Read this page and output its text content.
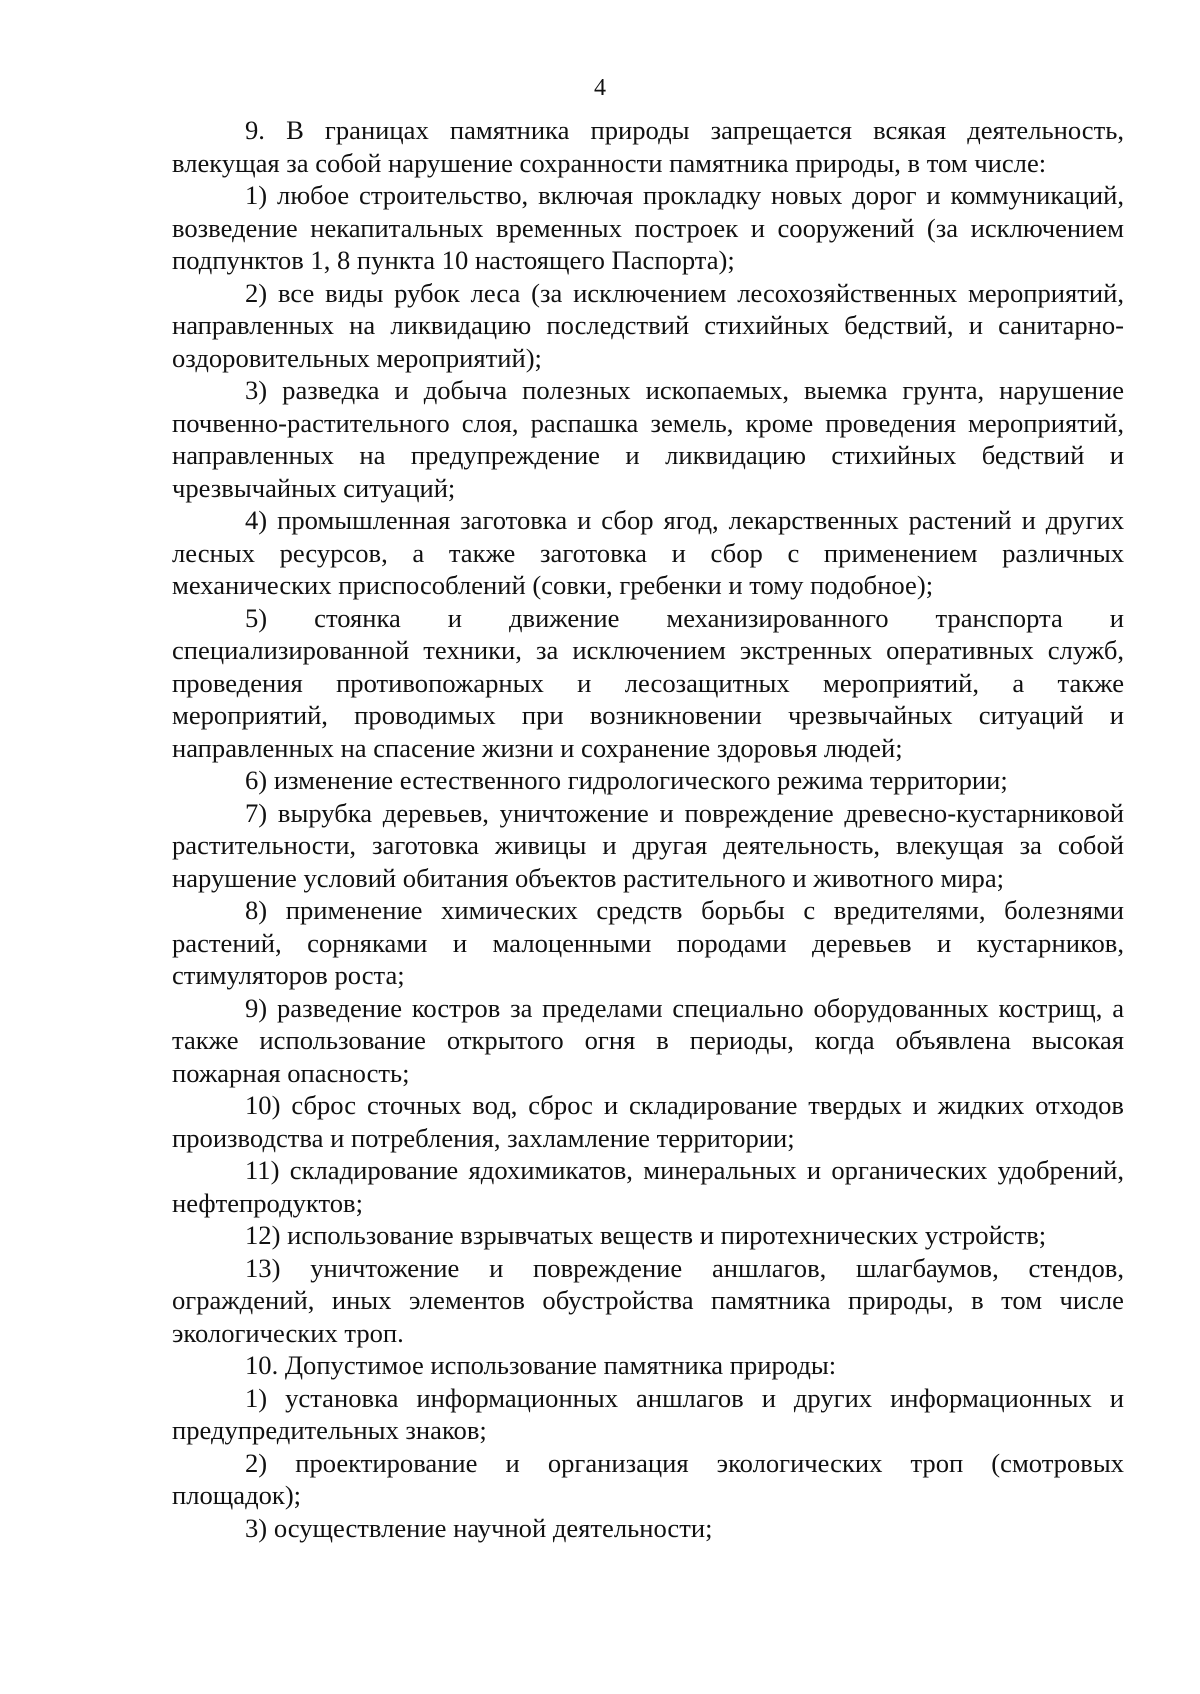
4

9. В границах памятника природы запрещается всякая деятельность, влекущая за собой нарушение сохранности памятника природы, в том числе:

1) любое строительство, включая прокладку новых дорог и коммуникаций, возведение некапитальных временных построек и сооружений (за исключением подпунктов 1, 8 пункта 10 настоящего Паспорта);

2) все виды рубок леса (за исключением лесохозяйственных мероприятий, направленных на ликвидацию последствий стихийных бедствий, и санитарно-оздоровительных мероприятий);

3) разведка и добыча полезных ископаемых, выемка грунта, нарушение почвенно-растительного слоя, распашка земель, кроме проведения мероприятий, направленных на предупреждение и ликвидацию стихийных бедствий и чрезвычайных ситуаций;

4) промышленная заготовка и сбор ягод, лекарственных растений и других лесных ресурсов, а также заготовка и сбор с применением различных механических приспособлений (совки, гребенки и тому подобное);

5) стоянка и движение механизированного транспорта и специализированной техники, за исключением экстренных оперативных служб, проведения противопожарных и лесозащитных мероприятий, а также мероприятий, проводимых при возникновении чрезвычайных ситуаций и направленных на спасение жизни и сохранение здоровья людей;

6) изменение естественного гидрологического режима территории;

7) вырубка деревьев, уничтожение и повреждение древесно-кустарниковой растительности, заготовка живицы и другая деятельность, влекущая за собой нарушение условий обитания объектов растительного и животного мира;

8) применение химических средств борьбы с вредителями, болезнями растений, сорняками и малоценными породами деревьев и кустарников, стимуляторов роста;

9) разведение костров за пределами специально оборудованных кострищ, а также использование открытого огня в периоды, когда объявлена высокая пожарная опасность;

10) сброс сточных вод, сброс и складирование твердых и жидких отходов производства и потребления, захламление территории;

11) складирование ядохимикатов, минеральных и органических удобрений, нефтепродуктов;

12) использование взрывчатых веществ и пиротехнических устройств;

13) уничтожение и повреждение аншлагов, шлагбаумов, стендов, ограждений, иных элементов обустройства памятника природы, в том числе экологических троп.

10. Допустимое использование памятника природы:

1) установка информационных аншлагов и других информационных и предупредительных знаков;

2) проектирование и организация экологических троп (смотровых площадок);

3) осуществление научной деятельности;
